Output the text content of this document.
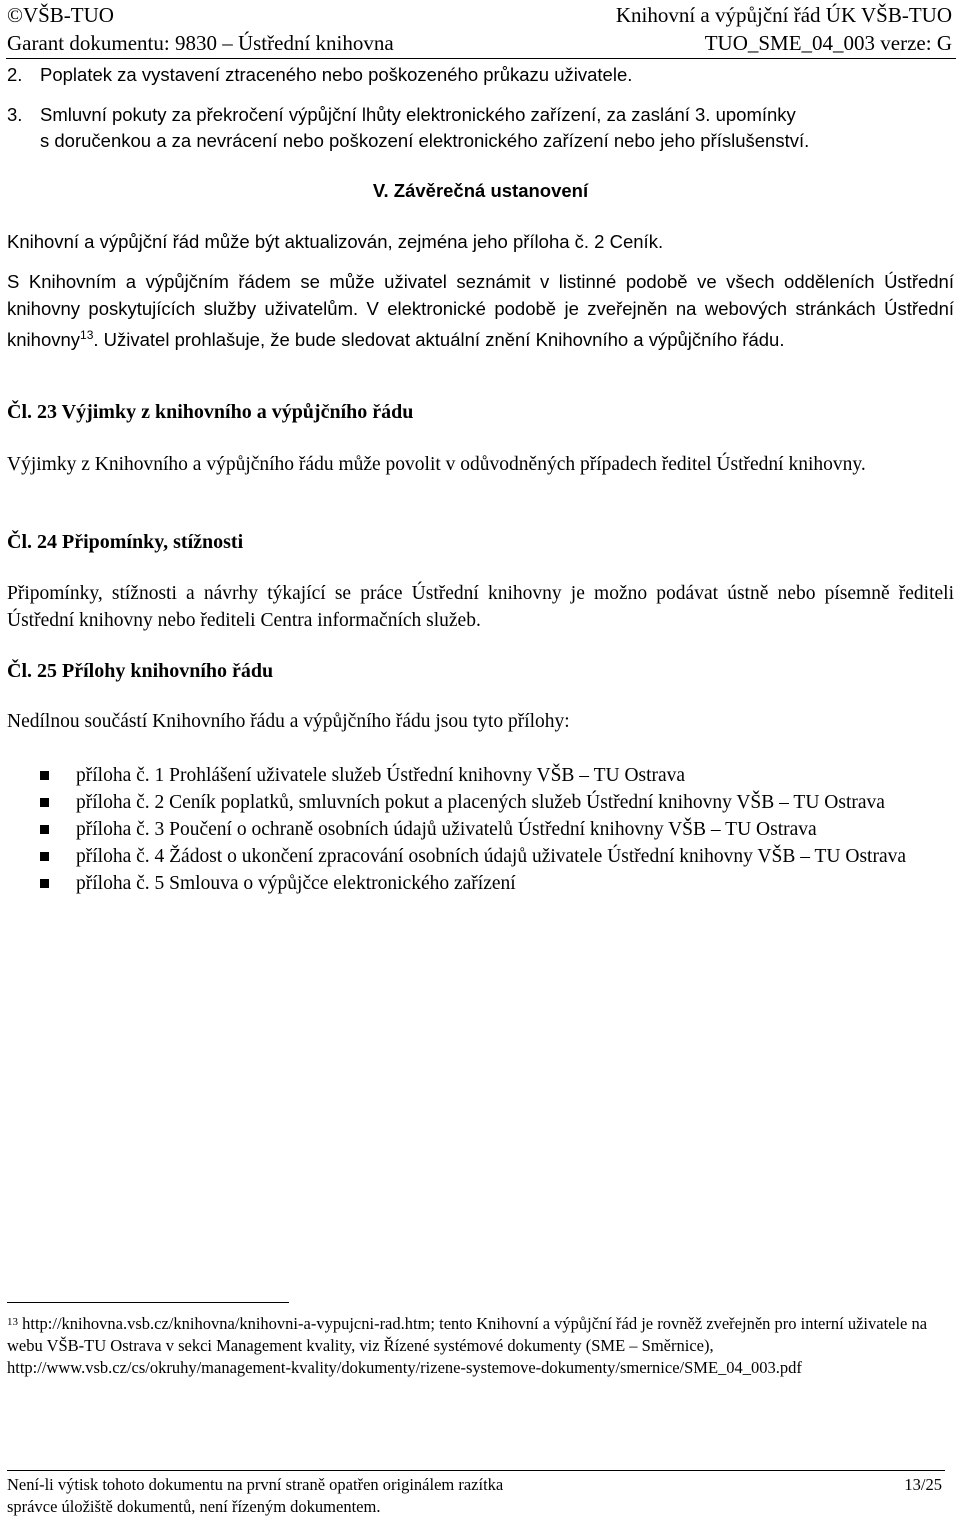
©VŠB-TUO	Knihovní a výpůjční řád ÚK VŠB-TUO
Garant dokumentu: 9830 – Ústřední knihovna	TUO_SME_04_003 verze: G
2. Poplatek za vystavení ztraceného nebo poškozeného průkazu uživatele.
3. Smluvní pokuty za překročení výpůjční lhůty elektronického zařízení, za zaslání 3. upomínky
s doručenkou a za nevrácení nebo poškození elektronického zařízení nebo jeho příslušenství.
V. Závěrečná ustanovení
Knihovní a výpůjční řád může být aktualizován, zejména jeho příloha č. 2 Ceník.
S Knihovním a výpůjčním řádem se může uživatel seznámit v listinné podobě ve všech odděleních Ústřední knihovny poskytujících služby uživatelům. V elektronické podobě je zveřejněn na webových stránkách Ústřední knihovny$^{13}$. Uživatel prohlašuje, že bude sledovat aktuální znění Knihovního a výpůjčního řádu.
Čl. 23 Výjimky z knihovního a výpůjčního řádu
Výjimky z Knihovního a výpůjčního řádu může povolit v odůvodněných případech ředitel Ústřední knihovny.
Čl. 24 Připomínky, stížnosti
Připomínky, stížnosti a návrhy týkající se práce Ústřední knihovny je možno podávat ústně nebo písemně řediteli Ústřední knihovny nebo řediteli Centra informačních služeb.
Čl. 25 Přílohy knihovního řádu
Nedílnou součástí Knihovního řádu a výpůjčního řádu jsou tyto přílohy:

příloha č. 1 Prohlášení uživatele služeb Ústřední knihovny VŠB – TU Ostrava

příloha č. 2 Ceník poplatků, smluvních pokut a placených služeb Ústřední knihovny VŠB – TU Ostrava

příloha č. 3 Poučení o ochraně osobních údajů uživatelů Ústřední knihovny VŠB – TU Ostrava

příloha č. 4 Žádost o ukončení zpracování osobních údajů uživatele Ústřední knihovny VŠB – TU Ostrava

příloha č. 5 Smlouva o výpůjčce elektronického zařízení

$^{13}$ http://knihovna.vsb.cz/knihovna/knihovni-a-vypujcni-rad.htm; tento Knihovní a výpůjční řád je rovněž zveřejněn pro interní uživatele na webu VŠB-TU Ostrava v sekci Management kvality, viz Řízené systémové dokumenty (SME – Směrnice), http://www.vsb.cz/cs/okruhy/management-kvality/dokumenty/rizene-systemove-dokumenty/smernice/SME_04_003.pdf
Není-li výtisk tohoto dokumentu na první straně opatřen originálem razítka
správce úložiště dokumentů, není řízeným dokumentem.
13/25
